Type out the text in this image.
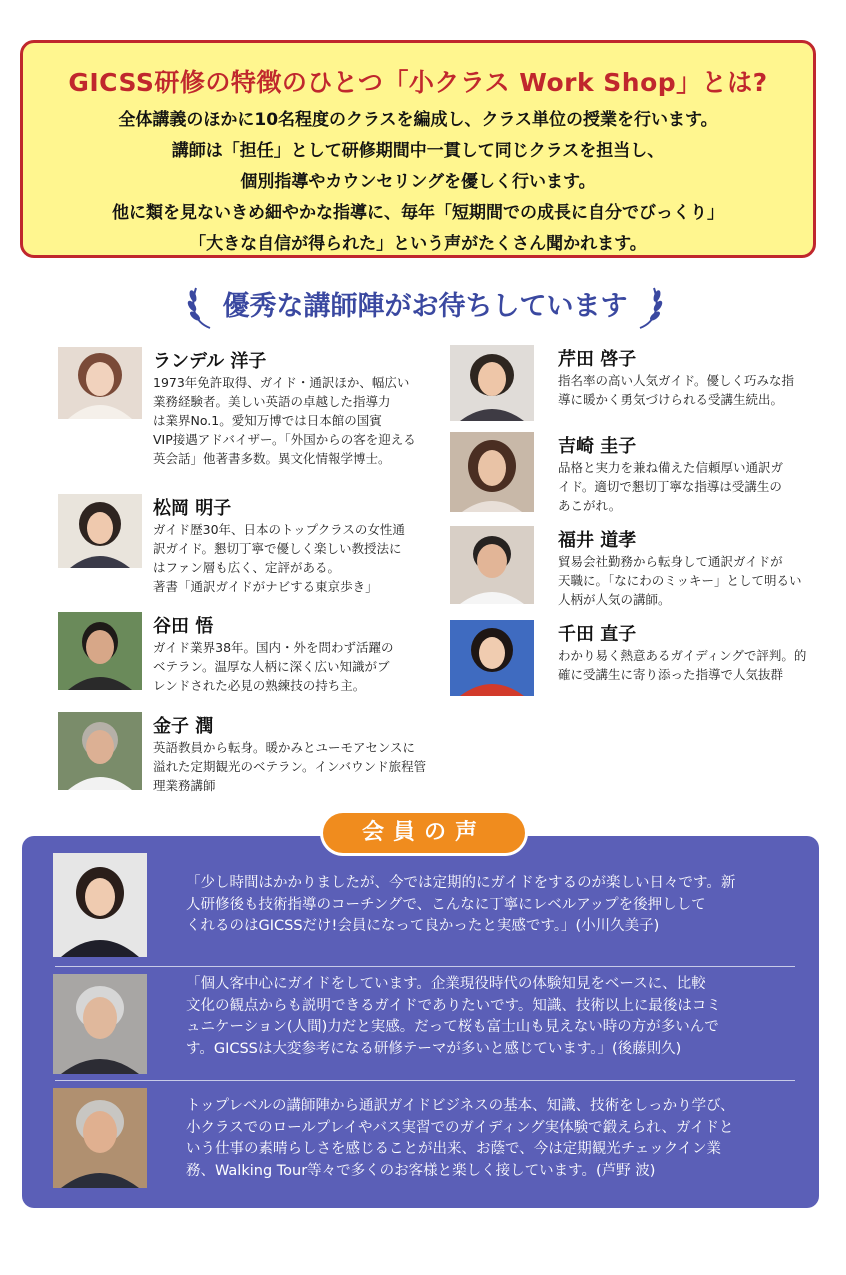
GICSS研修の特徴のひとつ「小クラス Work Shop」とは?
全体講義のほかに10名程度のクラスを編成し、クラス単位の授業を行います。
講師は「担任」として研修期間中一貫して同じクラスを担当し、
個別指導やカウンセリングを優しく行います。
他に類を見ないきめ細やかな指導に、毎年「短期間での成長に自分でびっくり」
「大きな自信が得られた」という声がたくさん聞かれます。
優秀な講師陣がお待ちしています
ランデル 洋子
1973年免許取得、ガイド・通訳ほか、幅広い
業務経験者。美しい英語の卓越した指導力
は業界No.1。愛知万博では日本館の国賓
VIP接遇アドバイザー。「外国からの客を迎える
英会話」他著書多数。異文化情報学博士。
松岡 明子
ガイド歴30年、日本のトップクラスの女性通
訳ガイド。懇切丁寧で優しく楽しい教授法に
はファン層も広く、定評がある。
著書「通訳ガイドがナビする東京歩き」
谷田 悟
ガイド業界38年。国内・外を問わず活躍の
ベテラン。温厚な人柄に深く広い知識がブ
レンドされた必見の熟練技の持ち主。
金子 潤
英語教員から転身。暖かみとユーモアセンスに
溢れた定期観光のベテラン。インバウンド旅程管
理業務講師
芹田 啓子
指名率の高い人気ガイド。優しく巧みな指
導に暖かく勇気づけられる受講生続出。
吉崎 圭子
品格と実力を兼ね備えた信頼厚い通訳ガ
イド。適切で懇切丁寧な指導は受講生の
あこがれ。
福井 道孝
貿易会社勤務から転身して通訳ガイドが
天職に。「なにわのミッキー」として明るい
人柄が人気の講師。
千田 直子
わかり易く熱意あるガイディングで評判。的
確に受講生に寄り添った指導で人気抜群
会員の声
「少し時間はかかりましたが、今では定期的にガイドをするのが楽しい日々です。新
人研修後も技術指導のコーチングで、こんなに丁寧にレベルアップを後押しして
くれるのはGICSSだけ!会員になって良かったと実感です。」(小川久美子)
「個人客中心にガイドをしています。企業現役時代の体験知見をベースに、比較
文化の観点からも説明できるガイドでありたいです。知識、技術以上に最後はコミ
ュニケーション(人間)力だと実感。だって桜も富士山も見えない時の方が多いんで
す。GICSSは大変参考になる研修テーマが多いと感じています。」(後藤則久)
トップレベルの講師陣から通訳ガイドビジネスの基本、知識、技術をしっかり学び、
小クラスでのロールプレイやバス実習でのガイディング実体験で鍛えられ、ガイドと
いう仕事の素晴らしさを感じることが出来、お蔭で、今は定期観光チェックイン業
務、Walking Tour等々で多くのお客様と楽しく接しています。(芦野 波)
